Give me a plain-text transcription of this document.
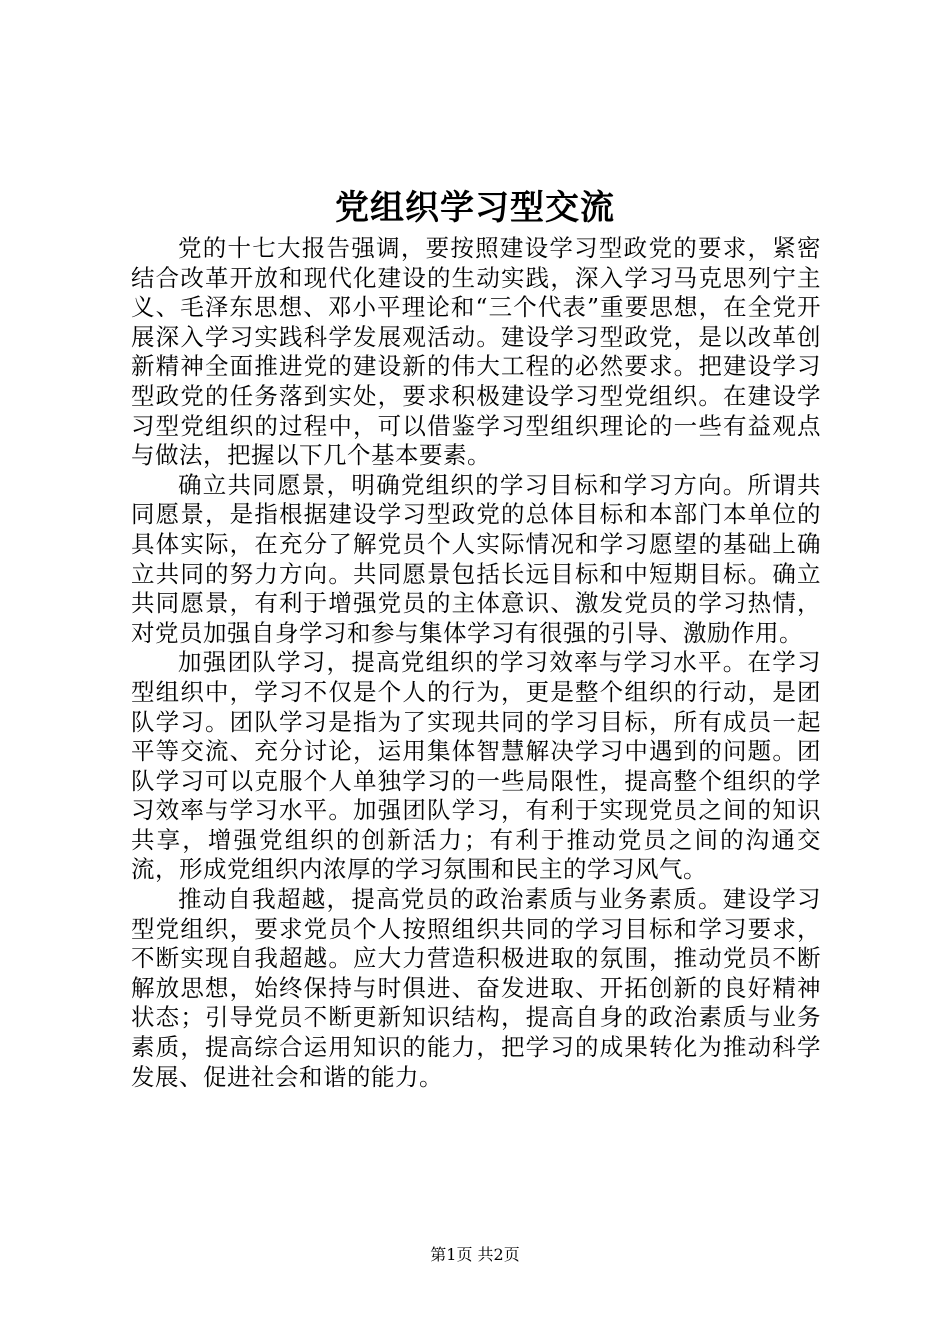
党组织学习型交流

党的十七大报告强调，要按照建设学习型政党的要求，紧密结合改革开放和现代化建设的生动实践，深入学习马克思列宁主义、毛泽东思想、邓小平理论和“三个代表”重要思想，在全党开展深入学习实践科学发展观活动。建设学习型政党，是以改革创新精神全面推进党的建设新的伟大工程的必然要求。把建设学习型政党的任务落到实处，要求积极建设学习型党组织。在建设学习型党组织的过程中，可以借鉴学习型组织理论的一些有益观点与做法，把握以下几个基本要素。

确立共同愿景，明确党组织的学习目标和学习方向。所谓共同愿景，是指根据建设学习型政党的总体目标和本部门本单位的具体实际，在充分了解党员个人实际情况和学习愿望的基础上确立共同的努力方向。共同愿景包括长远目标和中短期目标。确立共同愿景，有利于增强党员的主体意识、激发党员的学习热情，对党员加强自身学习和参与集体学习有很强的引导、激励作用。

加强团队学习，提高党组织的学习效率与学习水平。在学习型组织中，学习不仅是个人的行为，更是整个组织的行动，是团队学习。团队学习是指为了实现共同的学习目标，所有成员一起平等交流、充分讨论，运用集体智慧解决学习中遇到的问题。团队学习可以克服个人单独学习的一些局限性，提高整个组织的学习效率与学习水平。加强团队学习，有利于实现党员之间的知识共享，增强党组织的创新活力；有利于推动党员之间的沟通交流，形成党组织内浓厚的学习氛围和民主的学习风气。

推动自我超越，提高党员的政治素质与业务素质。建设学习型党组织，要求党员个人按照组织共同的学习目标和学习要求，不断实现自我超越。应大力营造积极进取的氛围，推动党员不断解放思想，始终保持与时俱进、奋发进取、开拓创新的良好精神状态；引导党员不断更新知识结构，提高自身的政治素质与业务素质，提高综合运用知识的能力，把学习的成果转化为推动科学发展、促进社会和谐的能力。

第1页 共2页
